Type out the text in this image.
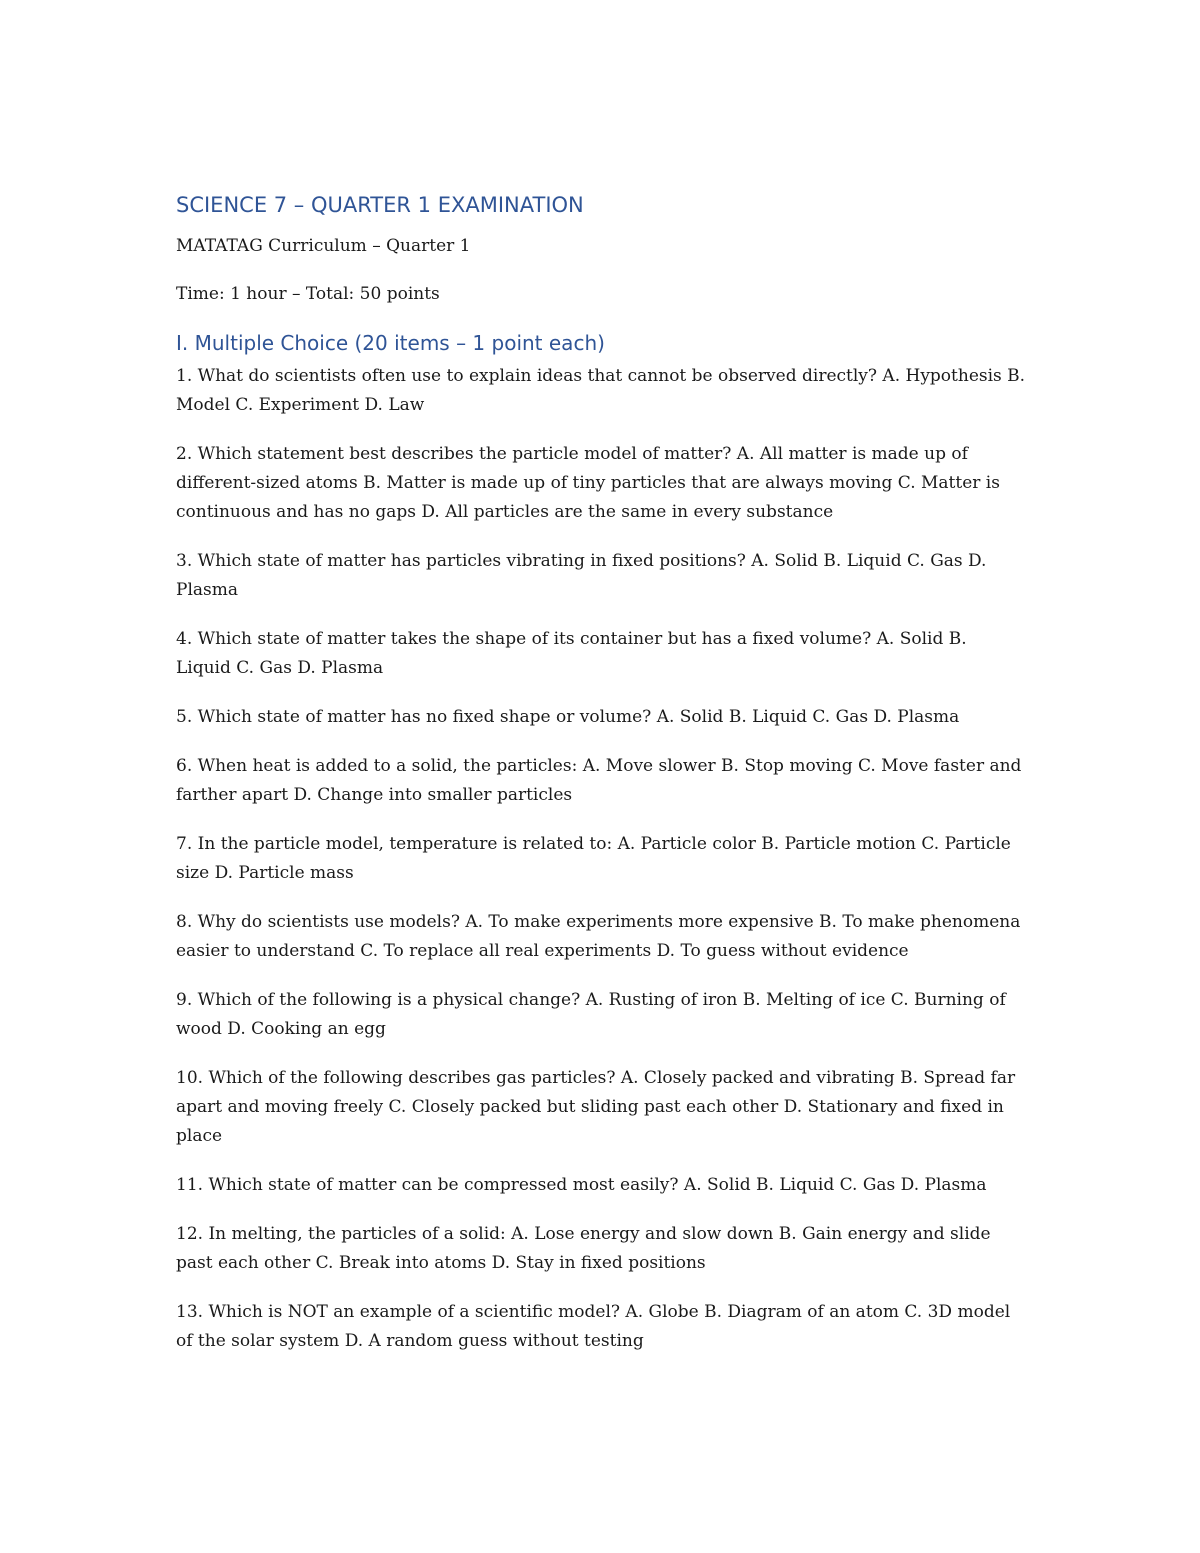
SCIENCE 7 – QUARTER 1 EXAMINATION
MATATAG Curriculum – Quarter 1
Time: 1 hour – Total: 50 points
I. Multiple Choice (20 items – 1 point each)

1. What do scientists often use to explain ideas that cannot be observed directly? A. Hypothesis B. Model C. Experiment D. Law

2. Which statement best describes the particle model of matter? A. All matter is made up of different-sized atoms B. Matter is made up of tiny particles that are always moving C. Matter is continuous and has no gaps D. All particles are the same in every substance

3. Which state of matter has particles vibrating in fixed positions? A. Solid B. Liquid C. Gas D. Plasma

4. Which state of matter takes the shape of its container but has a fixed volume? A. Solid B. Liquid C. Gas D. Plasma

5. Which state of matter has no fixed shape or volume? A. Solid B. Liquid C. Gas D. Plasma

6. When heat is added to a solid, the particles: A. Move slower B. Stop moving C. Move faster and farther apart D. Change into smaller particles

7. In the particle model, temperature is related to: A. Particle color B. Particle motion C. Particle size D. Particle mass

8. Why do scientists use models? A. To make experiments more expensive B. To make phenomena easier to understand C. To replace all real experiments D. To guess without evidence

9. Which of the following is a physical change? A. Rusting of iron B. Melting of ice C. Burning of wood D. Cooking an egg

10. Which of the following describes gas particles? A. Closely packed and vibrating B. Spread far apart and moving freely C. Closely packed but sliding past each other D. Stationary and fixed in place

11. Which state of matter can be compressed most easily? A. Solid B. Liquid C. Gas D. Plasma

12. In melting, the particles of a solid: A. Lose energy and slow down B. Gain energy and slide past each other C. Break into atoms D. Stay in fixed positions

13. Which is NOT an example of a scientific model? A. Globe B. Diagram of an atom C. 3D model of the solar system D. A random guess without testing
